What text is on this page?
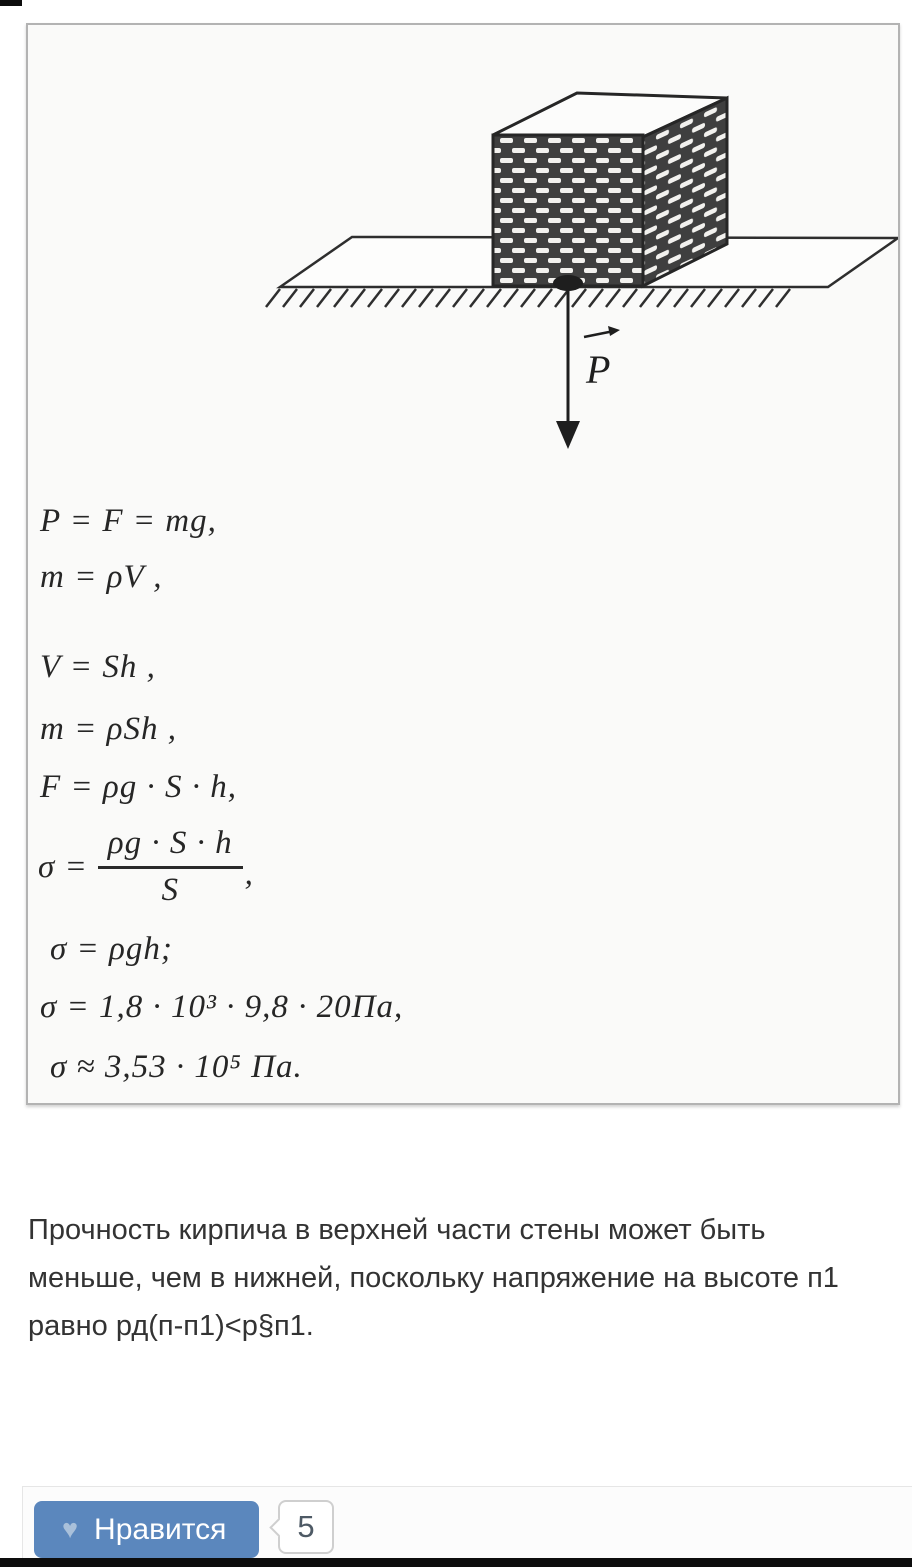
P
P = F = mg,
m = ρV ,
V = Sh ,
m = ρSh ,
F = ρg · S · h,
$\sigma = \frac{\rho g \cdot S \cdot h}{S}$ ,
σ = ρgh;
σ = 1,8 · 10³ · 9,8 · 20Па,
σ ≈ 3,53 · 10⁵ Па.
Прочность кирпича в верхней части стены может быть
меньше, чем в нижней, поскольку напряжение на высоте п1
равно рд(п-п1)<р§п1.
♥ Нравится 5
